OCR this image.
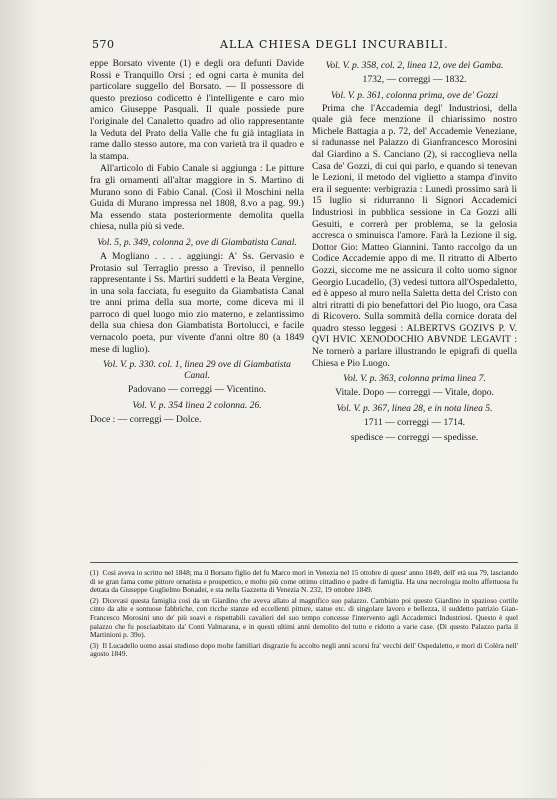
570	ALLA CHIESA DEGLI INCURABILI.

eppe Borsato vivente (1) e degli ora defunti Davide Rossi e Tranquillo Orsi ; ed ogni carta è munita del particolare suggello del Borsato. — Il possessore di questo prezioso codicetto è l'intelligente e caro mio amico Giuseppe Pasquali. Il quale possiede pure l'originale del Canaletto quadro ad olio rappresentante la Veduta del Prato della Valle che fu già intagliata in rame dallo stesso autore, ma con varietà tra il quadro e la stampa.

All'articolo di Fabio Canale si aggiunga : Le pitture fra gli ornamenti all'altar maggiore in S. Martino di Murano sono di Fabio Canal. (Così il Moschini nella Guida di Murano impressa nel 1808, 8.vo a pag. 99.) Ma essendo stata posteriormente demolita quella chiesa, nulla più si vede.

Vol. 5, p. 349, colonna 2, ove di Giambatista Canal.

A Mogliano . . . . aggiungi: A' Ss. Gervasio e Protasio sul Terraglio presso a Treviso, il pennello rappresentante i Ss. Martiri suddetti e la Beata Vergine, in una sola facciata, fu eseguito da Giambatista Canal tre anni prima della sua morte, come diceva mi il parroco di quel luogo mio zio materno, e zelantissimo della sua chiesa don Giambatista Bortolucci, e facile vernacolo poeta, pur vivente d'anni oltre 80 (a 1849 mese di luglio).

Vol. V. p. 330. col. 1, linea 29 ove di Giambatista Canal.

Padovano — correggi — Vicentino.

Vol. V. p. 354 linea 2 colonna. 26.

Doce : — correggi — Dolce.

Vol. V. p. 358, col. 2, linea 12, ove dei Gamba.

1732, — correggi — 1832.

Vol. V. p. 361, colonna prima, ove de' Gozzi

Prima che l'Accademia degl' Industriosi, della quale già fece menzione il chiarissimo nostro Michele Battagia a p. 72, del' Accademie Veneziane, si radunasse nel Palazzo di Gianfrancesco Morosini dal Giardino a S. Canciano (2), si raccoglieva nella Casa de' Gozzi, di cui qui parlo, e quando si tenevan le Lezioni, il metodo del viglietto a stampa d'invito era il seguente: verbigrazia : Lunedì prossimo sarà li 15 luglio si ridurranno li Signori Accademici Industriosi in pubblica sessione in Ca Gozzi alli Gesuiti, e correrà per problema, se la gelosia accresca o sminuisca l'amore. Farà la Lezione il sig. Dottor Gio: Matteo Giannini. Tanto raccolgo da un Codice Accademie appo di me. Il ritratto di Alberto Gozzi, siccome me ne assicura il colto uomo signor Georgio Lucadello, (3) vedesi tuttora all'Ospedaletto, ed è appeso al muro nella Saletta detta del Cristo con altri ritratti di pio benefattori del Pio luogo, ora Casa di Ricovero. Sulla sommità della cornice dorata del quadro stesso leggesi : ALBERTVS GOZIVS P. V. QVI HVIC XENODOCHIO ABVNDE LEGAVIT : Ne tornerò a parlare illustrando le epigrafi di quella Chiesa e Pio Luogo.

Vol. V. p. 363, colonna prima linea 7.

Vitale. Dopo — correggi — Vitale, dopo.

Vol. V. p. 367, linea 28, e in nota linea 5.

1711 — correggi — 1714.

spedisce — correggi — spedisse.

(1) Così aveva io scritto nel 1848; ma il Borsato figlio del fu Marco morì in Venezia nel 15 ottobre di quest' anno 1849, dell' età sua 79, lasciando di se gran fama come pittore ornatista e prospettico, e molto più come ottimo cittadino e padre di famiglia. Ha una necrologia molto affettuosa fu dettata da Giuseppe Guglielmo Bonadei, e sta nella Gazzetta di Venezia N. 232, 19 ottobre 1849.

(2) Dicevasi questa famiglia così da un Giardino che aveva allato al magnifico suo palazzo. Cambiato poi questo Giardino in spazioso cortile cinto da alte e sontuose fabbriche, con ricche stanze ed eccellenti pitture, statue etc. di singolare lavoro e bellezza, il suddetto patrizio Gian-Francesco Morosini uno de' più soavi e rispettabili cavalieri del suo tempo concesse l'intervento agli Accademici Industriosi. Questo è quel palazzo che fu posciaabitato da' Conti Valmarana, e in questi ultimi anni demolito del tutto e ridotto a varie case. (Di questo Palazzo parla il Martinioni p. 39o).

(3) Il Lucadello uomo assai studioso dopo molte familiari disgrazie fu accolto negli anni scorsi fra' vecchi dell' Ospedaletto, e morì di Colèra nell' agosto 1849.
